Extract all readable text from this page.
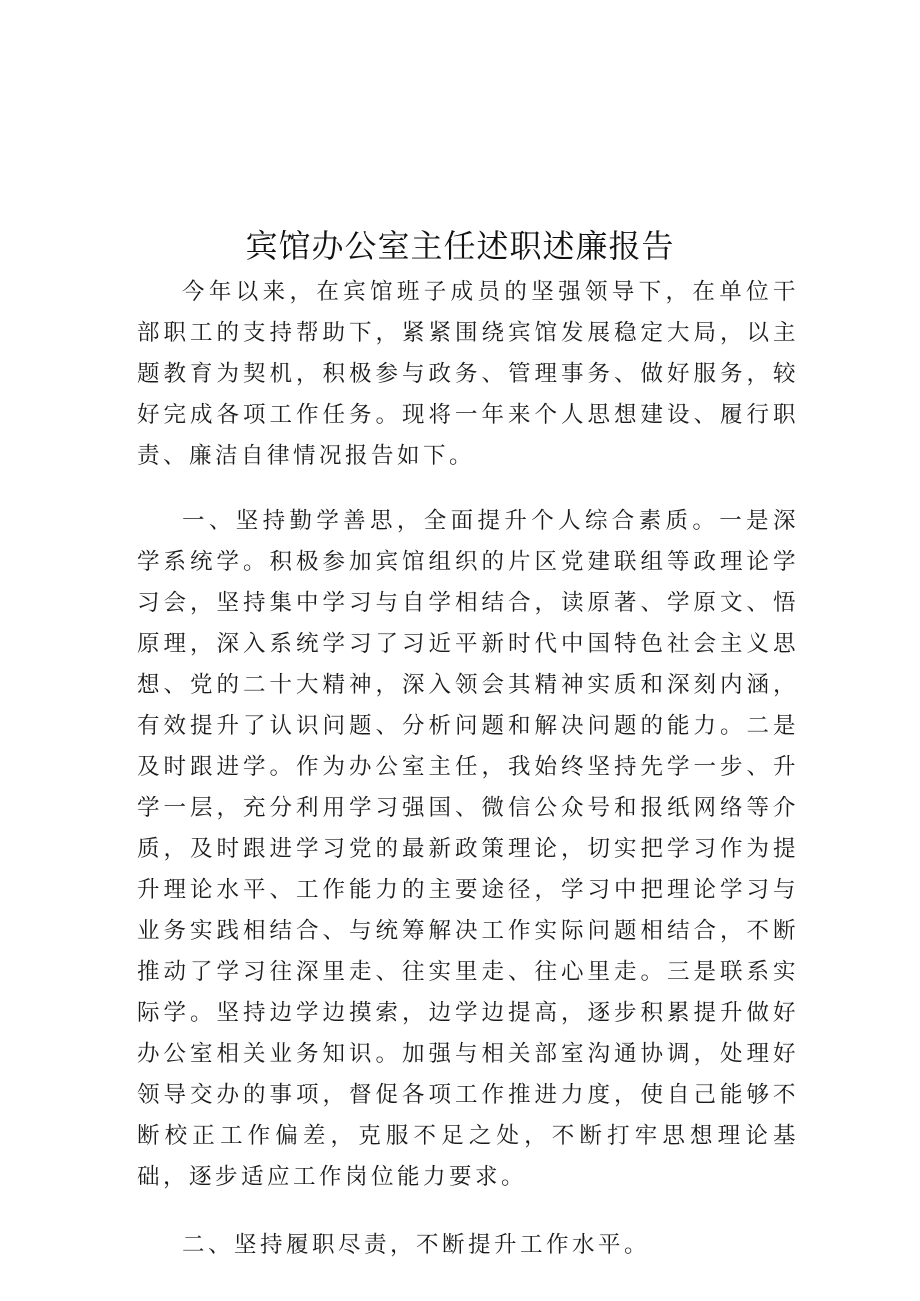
宾馆办公室主任述职述廉报告

今年以来，在宾馆班子成员的坚强领导下，在单位干部职工的支持帮助下，紧紧围绕宾馆发展稳定大局，以主题教育为契机，积极参与政务、管理事务、做好服务，较好完成各项工作任务。现将一年来个人思想建设、履行职责、廉洁自律情况报告如下。

一、坚持勤学善思，全面提升个人综合素质。一是深学系统学。积极参加宾馆组织的片区党建联组等政理论学习会，坚持集中学习与自学相结合，读原著、学原文、悟原理，深入系统学习了习近平新时代中国特色社会主义思想、党的二十大精神，深入领会其精神实质和深刻内涵，有效提升了认识问题、分析问题和解决问题的能力。二是及时跟进学。作为办公室主任，我始终坚持先学一步、升学一层，充分利用学习强国、微信公众号和报纸网络等介质，及时跟进学习党的最新政策理论，切实把学习作为提升理论水平、工作能力的主要途径，学习中把理论学习与业务实践相结合、与统筹解决工作实际问题相结合，不断推动了学习往深里走、往实里走、往心里走。三是联系实际学。坚持边学边摸索，边学边提高，逐步积累提升做好办公室相关业务知识。加强与相关部室沟通协调，处理好领导交办的事项，督促各项工作推进力度，使自己能够不断校正工作偏差，克服不足之处，不断打牢思想理论基础，逐步适应工作岗位能力要求。

二、坚持履职尽责，不断提升工作水平。
